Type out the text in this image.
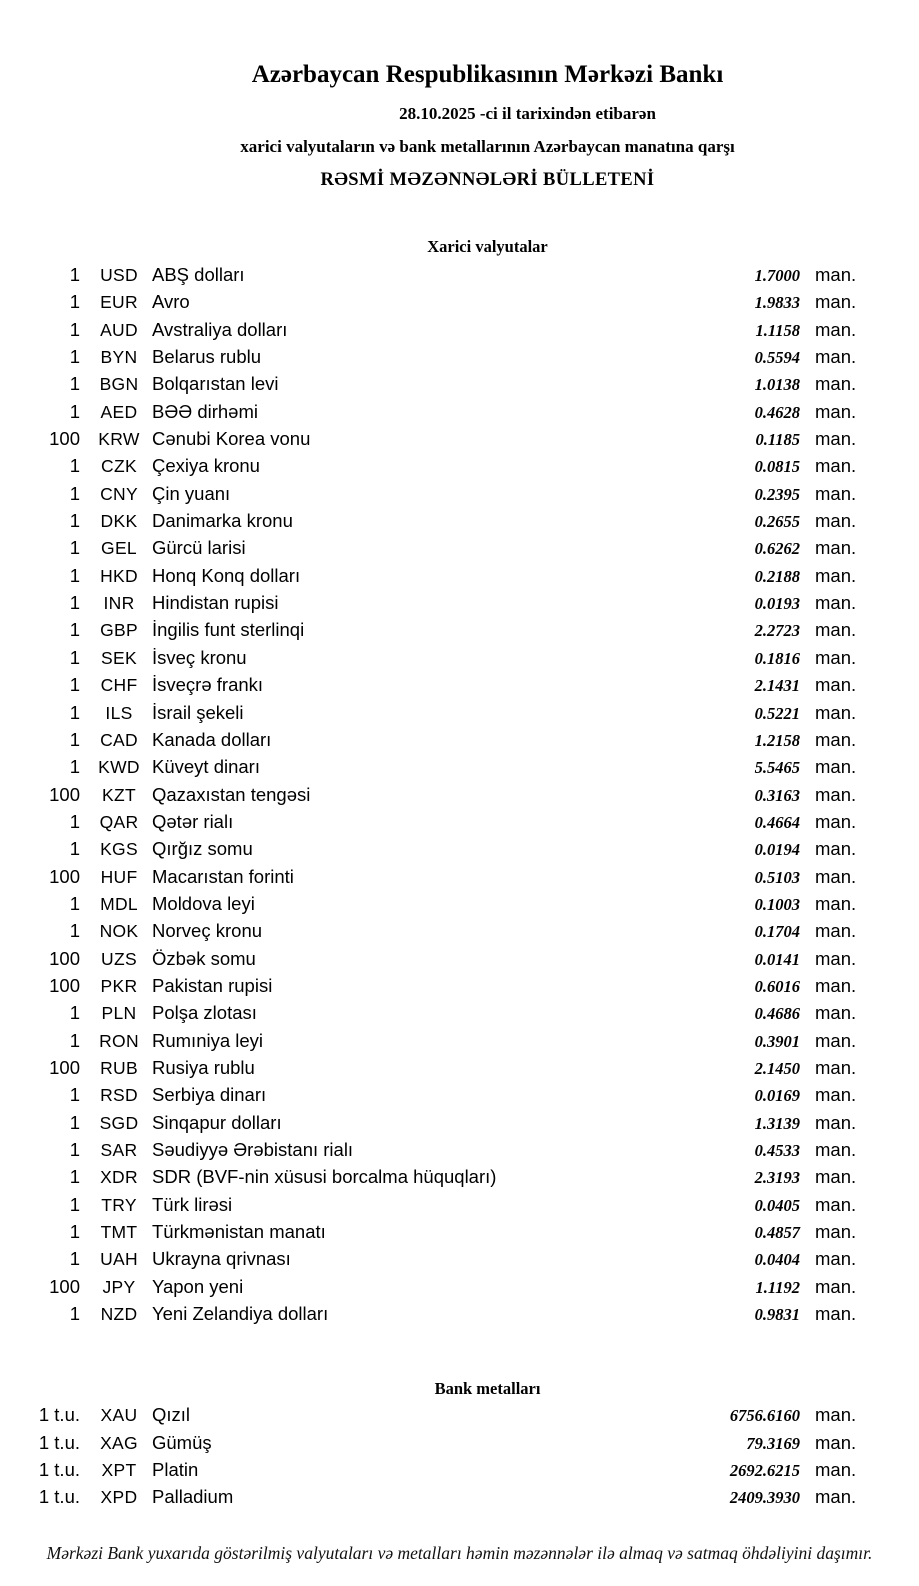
Azərbaycan Respublikasının Mərkəzi Bankı
28.10.2025 -ci il tarixindən etibarən
xarici valyutaların və bank metallarının Azərbaycan manatına qarşı
RƏSMİ MƏZƏNNƏLƏRİ BÜLLETENİ
Xarici valyutalar
1	USD ABŞ dolları	1.7000 man.
1	EUR Avro	1.9833 man.
1	AUD Avstraliya dolları	1.1158 man.
1	BYN Belarus rublu	0.5594 man.
1	BGN Bolqarıstan levi	1.0138 man.
1	AED BƏƏ dirhəmi	0.4628 man.
100	KRW Cənubi Korea vonu	0.1185 man.
1	CZK Çexiya kronu	0.0815 man.
1	CNY Çin yuanı	0.2395 man.
1	DKK Danimarka kronu	0.2655 man.
1	GEL Gürcü larisi	0.6262 man.
1	HKD Honq Konq dolları	0.2188 man.
1	INR Hindistan rupisi	0.0193 man.
1	GBP İngilis funt sterlinqi	2.2723 man.
1	SEK İsveç kronu	0.1816 man.
1	CHF İsveçrə frankı	2.1431 man.
1	ILS	İsrail şekeli	0.5221 man.
1	CAD Kanada dolları	1.2158 man.
1	KWD Küveyt dinarı	5.5465 man.
100	KZT Qazaxıstan tengəsi	0.3163 man.
1	QAR Qətər rialı	0.4664 man.
1	KGS Qırğız somu	0.0194 man.
100	HUF Macarıstan forinti	0.5103 man.
1	MDL Moldova leyi	0.1003 man.
1	NOK Norveç kronu	0.1704 man.
100	UZS Özbək somu	0.0141 man.
100	PKR Pakistan rupisi	0.6016 man.
1	PLN Polşa zlotası	0.4686 man.
1	RON Rumıniya leyi	0.3901 man.
100	RUB Rusiya rublu	2.1450 man.
1	RSD Serbiya dinarı	0.0169 man.
1	SGD Sinqapur dolları	1.3139 man.
1	SAR Səudiyyə Ərəbistanı rialı	0.4533 man.
1	XDR SDR (BVF-nin xüsusi borcalma hüquqları)	2.3193 man.
1	TRY Türk lirəsi	0.0405 man.
1	TMT Türkmənistan manatı	0.4857 man.
1	UAH Ukrayna qrivnası	0.0404 man.
100	JPY Yapon yeni	1.1192 man.
1	NZD Yeni Zelandiya dolları	0.9831 man.
Bank metalları
1 t.u.	XAU Qızıl	6756.6160 man.
1 t.u.	XAG Gümüş	79.3169 man.
1 t.u.	XPT Platin	2692.6215 man.
1 t.u.	XPD Palladium	2409.3930 man.
Mərkəzi Bank yuxarıda göstərilmiş valyutaları və metalları həmin məzənnələr ilə almaq və satmaq öhdəliyini daşımır.
